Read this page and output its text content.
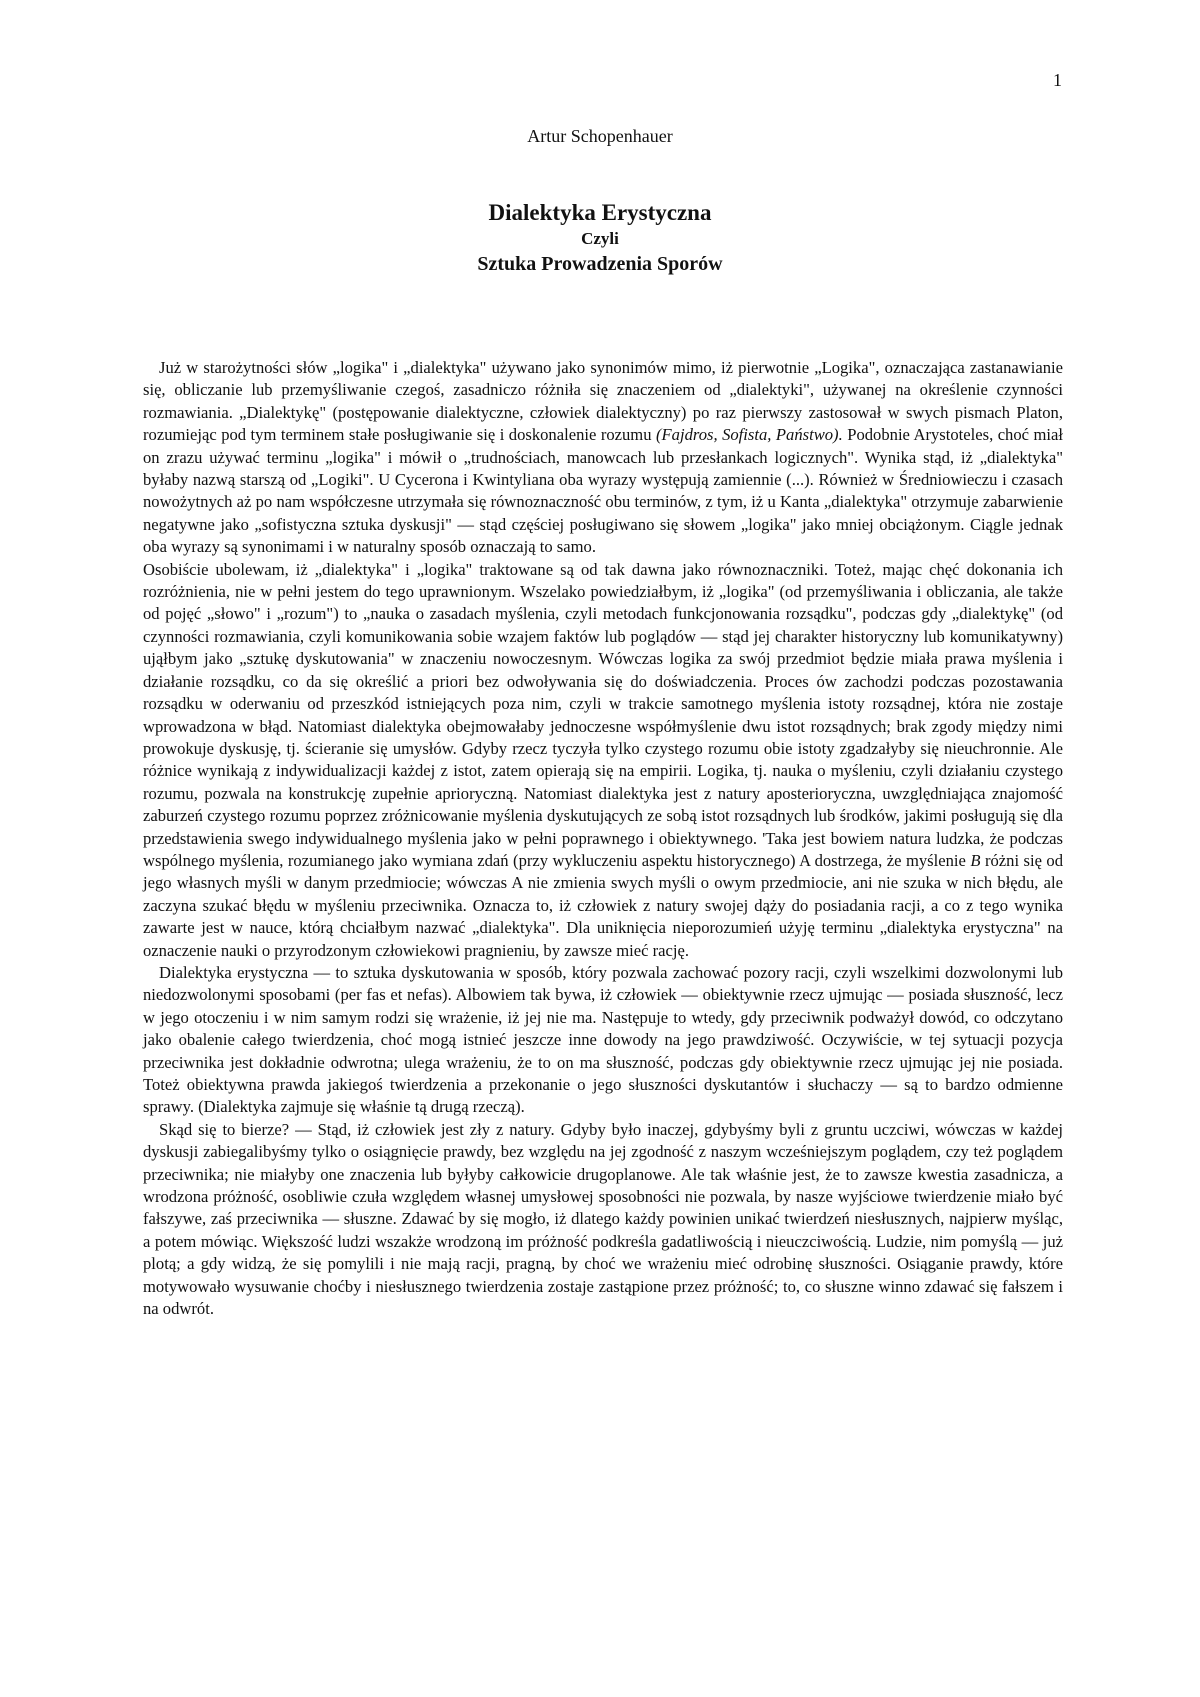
1
Artur Schopenhauer
Dialektyka Erystyczna
Czyli
Sztuka Prowadzenia Sporów

Już w starożytności słów „logika" i „dialektyka" używano jako synonimów mimo, iż pierwotnie „Logika", oznaczająca zastanawianie się, obliczanie lub przemyśliwanie czegoś, zasadniczo różniła się znaczeniem od „dialektyki", używanej na określenie czynności rozmawiania. „Dialektykę" (postępowanie dialektyczne, człowiek dialektyczny) po raz pierwszy zastosował w swych pismach Platon, rozumiejąc pod tym terminem stałe posługiwanie się i doskonalenie rozumu (Fajdros, Sofista, Państwo). Podobnie Arystoteles, choć miał on zrazu używać terminu „logika" i mówił o „trudnościach, manowcach lub przesłankach logicznych". Wynika stąd, iż „dialektyka" byłaby nazwą starszą od „Logiki". U Cycerona i Kwintyliana oba wyrazy występują zamiennie (...). Również w Średniowieczu i czasach nowożytnych aż po nam współczesne utrzymała się równoznaczność obu terminów, z tym, iż u Kanta „dialektyka" otrzymuje zabarwienie negatywne jako „sofistyczna sztuka dyskusji" — stąd częściej posługiwano się słowem „logika" jako mniej obciążonym. Ciągle jednak oba wyrazy są synonimami i w naturalny sposób oznaczają to samo.

Osobiście ubolewam, iż „dialektyka" i „logika" traktowane są od tak dawna jako równoznaczniki. Toteż, mając chęć dokonania ich rozróżnienia, nie w pełni jestem do tego uprawnionym. Wszelako powiedziałbym, iż „logika" (od przemyśliwania i obliczania, ale także od pojęć „słowo" i „rozum") to „nauka o zasadach myślenia, czyli metodach funkcjonowania rozsądku", podczas gdy „dialektykę" (od czynności rozmawiania, czyli komunikowania sobie wzajem faktów lub poglądów — stąd jej charakter historyczny lub komunikatywny) ująłbym jako „sztukę dyskutowania" w znaczeniu nowoczesnym. Wówczas logika za swój przedmiot będzie miała prawa myślenia i działanie rozsądku, co da się określić a priori bez odwoływania się do doświadczenia. Proces ów zachodzi podczas pozostawania rozsądku w oderwaniu od przeszkód istniejących poza nim, czyli w trakcie samotnego myślenia istoty rozsądnej, która nie zostaje wprowadzona w błąd. Natomiast dialektyka obejmowałaby jednoczesne współmyślenie dwu istot rozsądnych; brak zgody między nimi prowokuje dyskusję, tj. ścieranie się umysłów. Gdyby rzecz tyczyła tylko czystego rozumu obie istoty zgadzałyby się nieuchronnie. Ale różnice wynikają z indywidualizacji każdej z istot, zatem opierają się na empirii. Logika, tj. nauka o myśleniu, czyli działaniu czystego rozumu, pozwala na konstrukcję zupełnie aprioryczną. Natomiast dialektyka jest z natury aposterioryczna, uwzględniająca znajomość zaburzeń czystego rozumu poprzez zróżnicowanie myślenia dyskutujących ze sobą istot rozsądnych lub środków, jakimi posługują się dla przedstawienia swego indywidualnego myślenia jako w pełni poprawnego i obiektywnego. 'Taka jest bowiem natura ludzka, że podczas wspólnego myślenia, rozumianego jako wymiana zdań (przy wykluczeniu aspektu historycznego) A dostrzega, że myślenie B różni się od jego własnych myśli w danym przedmiocie; wówczas A nie zmienia swych myśli o owym przedmiocie, ani nie szuka w nich błędu, ale zaczyna szukać błędu w myśleniu przeciwnika. Oznacza to, iż człowiek z natury swojej dąży do posiadania racji, a co z tego wynika zawarte jest w nauce, którą chciałbym nazwać „dialektyka". Dla uniknięcia nieporozumień użyję terminu „dialektyka erystyczna" na oznaczenie nauki o przyrodzonym człowiekowi pragnieniu, by zawsze mieć rację.

Dialektyka erystyczna — to sztuka dyskutowania w sposób, który pozwala zachować pozory racji, czyli wszelkimi dozwolonymi lub niedozwolonymi sposobami (per fas et nefas). Albowiem tak bywa, iż człowiek — obiektywnie rzecz ujmując — posiada słuszność, lecz w jego otoczeniu i w nim samym rodzi się wrażenie, iż jej nie ma. Następuje to wtedy, gdy przeciwnik podważył dowód, co odczytano jako obalenie całego twierdzenia, choć mogą istnieć jeszcze inne dowody na jego prawdziwość. Oczywiście, w tej sytuacji pozycja przeciwnika jest dokładnie odwrotna; ulega wrażeniu, że to on ma słuszność, podczas gdy obiektywnie rzecz ujmując jej nie posiada. Toteż obiektywna prawda jakiegoś twierdzenia a przekonanie o jego słuszności dyskutantów i słuchaczy — są to bardzo odmienne sprawy. (Dialektyka zajmuje się właśnie tą drugą rzeczą).

Skąd się to bierze? — Stąd, iż człowiek jest zły z natury. Gdyby było inaczej, gdybyśmy byli z gruntu uczciwi, wówczas w każdej dyskusji zabiegalibyśmy tylko o osiągnięcie prawdy, bez względu na jej zgodność z naszym wcześniejszym poglądem, czy też poglądem przeciwnika; nie miałyby one znaczenia lub byłyby całkowicie drugoplanowe. Ale tak właśnie jest, że to zawsze kwestia zasadnicza, a wrodzona próżność, osobliwie czuła względem własnej umysłowej sposobności nie pozwala, by nasze wyjściowe twierdzenie miało być fałszywe, zaś przeciwnika — słuszne. Zdawać by się mogło, iż dlatego każdy powinien unikać twierdzeń niesłusznych, najpierw myśląc, a potem mówiąc. Większość ludzi wszakże wrodzoną im próżność podkreśla gadatliwością i nieuczciwością. Ludzie, nim pomyślą — już plotą; a gdy widzą, że się pomylili i nie mają racji, pragną, by choć we wrażeniu mieć odrobinę słuszności. Osiąganie prawdy, które motywowało wysuwanie choćby i niesłusznego twierdzenia zostaje zastąpione przez próżność; to, co słuszne winno zdawać się fałszem i na odwrót.
